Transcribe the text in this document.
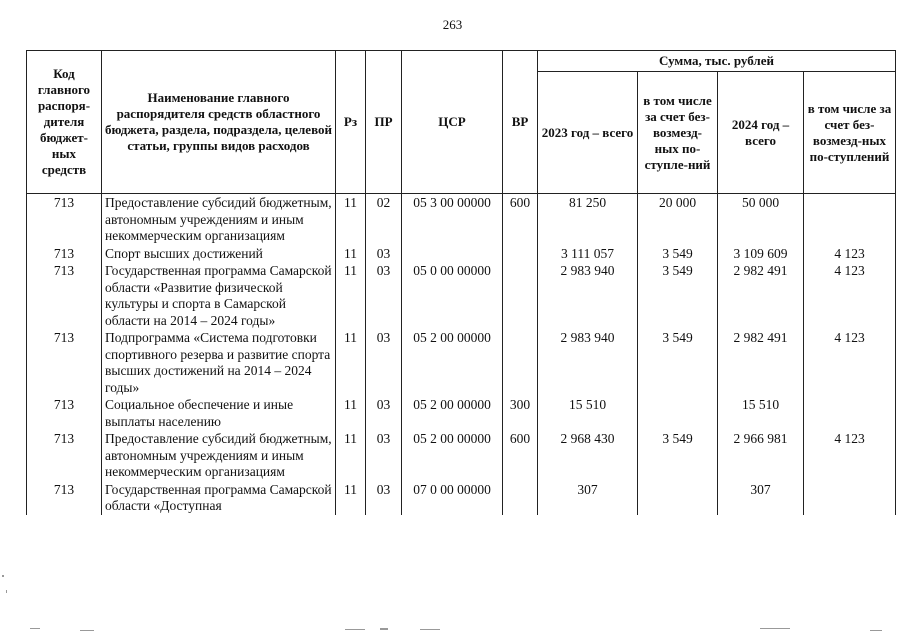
263
Код главного распоря-дителя бюджет-ных средств	Наименование главного распорядителя средств областного бюджета, раздела, подраздела, целевой статьи, группы видов расходов	Рз	ПР	ЦСР	ВР	Сумма, тыс. рублей			
						2023 год – всего	в том числе за счет без-возмезд-ных по-ступле-ний	2024 год – всего	в том числе за счет без-возмезд-ных по-ступлений
713	Предоставление субсидий бюджетным, автономным учреждениям и иным некоммерческим организациям	11	02	05 3 00 00000	600	81 250	20 000	50 000	
713	Спорт высших достижений	11	03			3 111 057	3 549	3 109 609	4 123
713	Государственная программа Самарской области «Развитие физической культуры и спорта в Самарской области на 2014 – 2024 годы»	11	03	05 0 00 00000		2 983 940	3 549	2 982 491	4 123
713	Подпрограмма «Система подготовки спортивного резерва и развитие спорта высших достижений на 2014 – 2024 годы»	11	03	05 2 00 00000		2 983 940	3 549	2 982 491	4 123
713	Социальное обеспечение и иные выплаты населению	11	03	05 2 00 00000	300	15 510		15 510	
713	Предоставление субсидий бюджетным, автономным учреждениям и иным некоммерческим организациям	11	03	05 2 00 00000	600	2 968 430	3 549	2 966 981	4 123
713	Государственная программа Самарской области «Доступная	11	03	07 0 00 00000		307		307	
